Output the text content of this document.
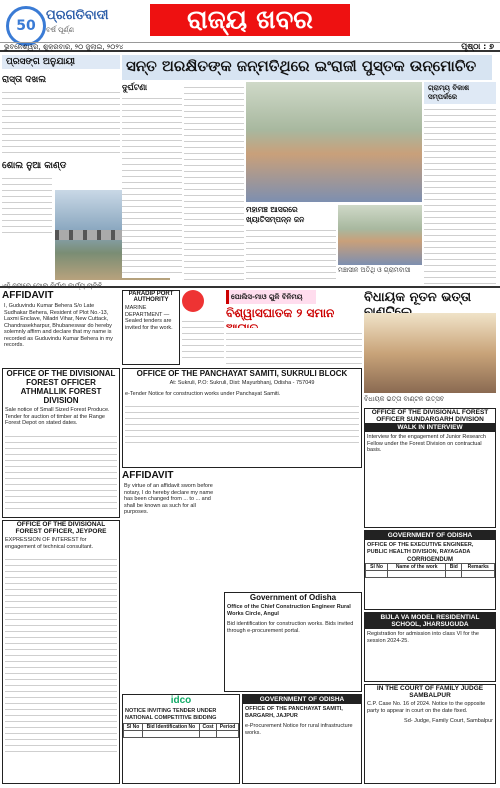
50
ପ୍ରଗତିବାଦୀ
ବର୍ଷ ପୂର୍ଣ୍ଣ	ରାଜ୍ୟ ଖବର
ଭୁବନେଶ୍ୱର, ଶୁକ୍ରବାର, ୨୦ ଜୁଲାଇ, ୨୦୨୪	ପୃଷ୍ଠା : ୭
ପ୍ରସଙ୍ଗ ଅନୁଯାୟୀ
ରାସ୍ତା ଦଖଲ
ଶୋଲ ନୁଆ କାଣ୍ଡ
ସନ୍ତ ଅରକ୍ଷିତଙ୍କ ଜନ୍ମତିଥିରେ ଇଂରାଜୀ ପୁସ୍ତକ ଉନ୍ମୋଚିତ
ଦୁର୍ଘଟଣା
ମହାମଞ୍ଚ ଆସରରେ ଖ୍ୟାତିସମ୍ପନ୍ନ ଜନ
ମଞ୍ଚାସୀନ ଅତିଥି ଓ ଗ୍ରାମବାସୀ
ଗ୍ରାମ୍ୟ ବିକାଶ ସମ୍ପର୍କରେ
AFFIDAVIT
I, Guduvindu Kumar Behera S/o Late Sudhakar Behera, Resident of Plot No.-13, Laxmi Enclave, Niladri Vihar, New Cuttack, Chandrasekharpur, Bhubaneswar do hereby solemnly affirm and declare that my name is recorded as Guduvindu Kumar Behera in my records.
PARADIP PORT AUTHORITY
MARINE DEPARTMENT — Sealed tenders are invited for the work.
ପୋଲିସ-ମାଓ ଗୁଳି ବିନିମୟ
ବିଶ୍ୱାସଘାତକ ୨ ସମାନ
ବିଧାୟକ ନୂତନ ଭତ୍ତା
ବିଧାୟକ ଭତ୍ତା ବାଣ୍ଟନ ଉତ୍ସବ
OFFICE OF THE DIVISIONAL FOREST OFFICER ATHMALLIK FOREST DIVISION
Sale notice of Small Sized Forest Produce. Tender for auction of timber at the Range Forest Depot on stated dates.
OFFICE OF THE PANCHAYAT SAMITI, SUKRULI BLOCK
At: Sukruli, P.O: Sukruli, Dist: Mayurbhanj, Odisha - 757049
e-Tender Notice for construction works under Panchayat Samiti.
OFFICE OF THE DIVISIONAL FOREST OFFICER SUNDARGARH DIVISION
WALK IN INTERVIEW
Interview for the engagement of Junior Research Fellow under the Forest Division on contractual basis.
AFFIDAVIT
By virtue of an affidavit sworn before notary, I do hereby declare my name has been changed from ... to ... and shall be known as such for all purposes.
GOVERNMENT OF ODISHA
OFFICE OF THE EXECUTIVE ENGINEER, PUBLIC HEALTH DIVISION, RAYAGADA
CORRIGENDUM
Sl No	Name of the work	Bid	Remarks

BIJLA VA MODEL RESIDENTIAL SCHOOL, JHARSUGUDA
Registration for admission into class VI for the session 2024-25.
IN THE COURT OF FAMILY JUDGE SAMBALPUR
C.P. Case No. 16 of 2024. Notice to the opposite party to appear in court on the date fixed.
Sd- Judge, Family Court, Sambalpur
OFFICE OF THE DIVISIONAL FOREST OFFICER, JEYPORE
EXPRESSION OF INTEREST for engagement of technical consultant.
Government of Odisha
Office of the Chief Construction Engineer Rural Works Circle, Angul
Bid identification for construction works. Bids invited through e-procurement portal.
idco
NOTICE INVITING TENDER UNDER NATIONAL COMPETITIVE BIDDING
Sl No	Bid Identification No	Cost	Period

GOVERNMENT OF ODISHA
OFFICE OF THE PANCHAYAT SAMITI, BARGARH, JAJPUR
e-Procurement Notice for rural infrastructure works.
